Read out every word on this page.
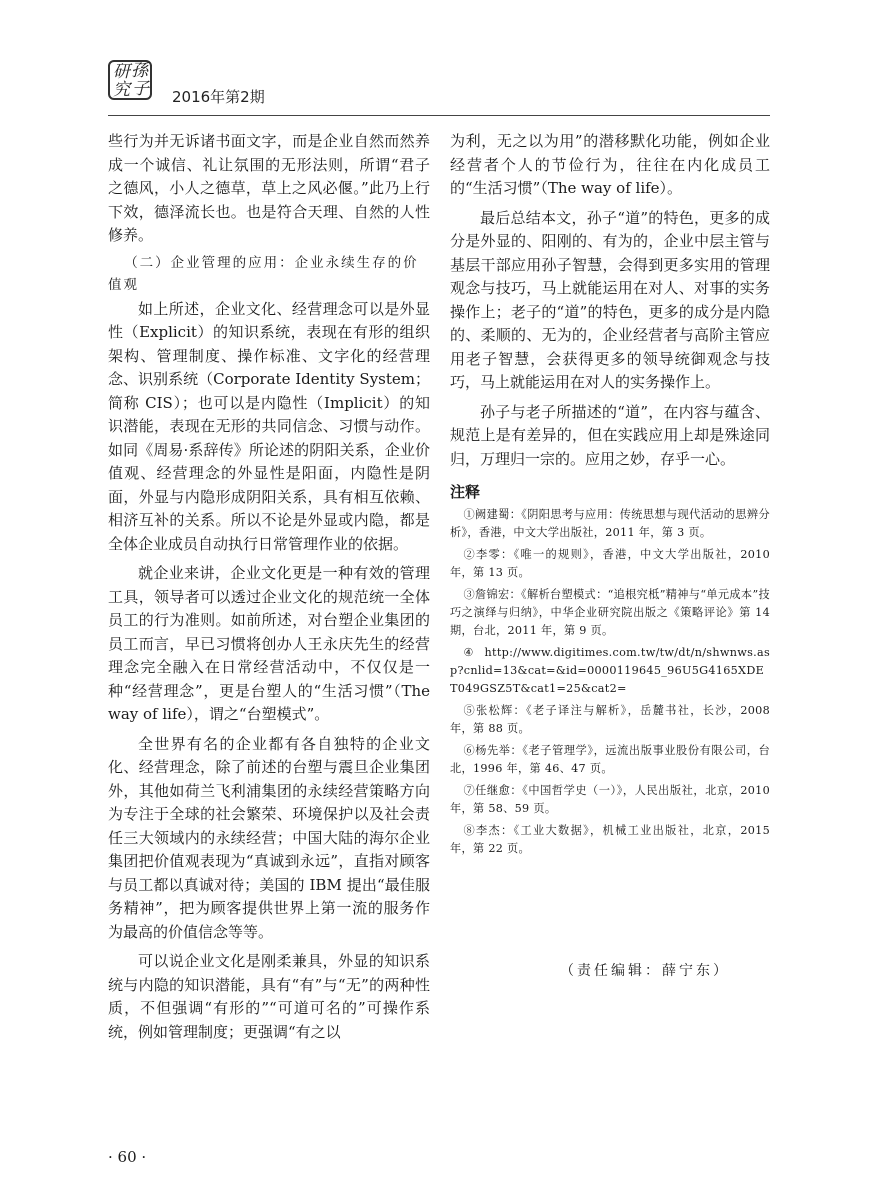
研 孫
究 子 2016年第2期

些行为并无诉诸书面文字，而是企业自然而然养成一个诚信、礼让氛围的无形法则，所谓“君子之德风，小人之德草，草上之风必偃。”此乃上行下效，德泽流长也。也是符合天理、自然的人性修养。

（二）企业管理的应用：企业永续生存的价值观

如上所述，企业文化、经营理念可以是外显性（Explicit）的知识系统，表现在有形的组织架构、管理制度、操作标准、文字化的经营理念、识别系统（Corporate Identity System；简称 CIS）；也可以是内隐性（Implicit）的知识潜能，表现在无形的共同信念、习惯与动作。如同《周易·系辞传》所论述的阴阳关系，企业价值观、经营理念的外显性是阳面，内隐性是阴面，外显与内隐形成阴阳关系，具有相互依赖、相济互补的关系。所以不论是外显或内隐，都是全体企业成员自动执行日常管理作业的依据。

就企业来讲，企业文化更是一种有效的管理工具，领导者可以透过企业文化的规范统一全体员工的行为准则。如前所述，对台塑企业集团的员工而言，早已习惯将创办人王永庆先生的经营理念完全融入在日常经营活动中，不仅仅是一种“经营理念”，更是台塑人的“生活习惯”（The way of life），谓之“台塑模式”。

全世界有名的企业都有各自独特的企业文化、经营理念，除了前述的台塑与震旦企业集团外，其他如荷兰飞利浦集团的永续经营策略方向为专注于全球的社会繁荣、环境保护以及社会责任三大领域内的永续经营；中国大陆的海尔企业集团把价值观表现为“真诚到永远”，直指对顾客与员工都以真诚对待；美国的 IBM 提出“最佳服务精神”，把为顾客提供世界上第一流的服务作为最高的价值信念等等。

可以说企业文化是刚柔兼具，外显的知识系统与内隐的知识潜能，具有“有”与“无”的两种性质，不但强调“有形的”“可道可名的”可操作系统，例如管理制度；更强调“有之以

为利，无之以为用”的潜移默化功能，例如企业经营者个人的节俭行为，往往在内化成员工的“生活习惯”（The way of life）。

最后总结本文，孙子“道”的特色，更多的成分是外显的、阳刚的、有为的，企业中层主管与基层干部应用孙子智慧，会得到更多实用的管理观念与技巧，马上就能运用在对人、对事的实务操作上；老子的“道”的特色，更多的成分是内隐的、柔顺的、无为的，企业经营者与高阶主管应用老子智慧，会获得更多的领导统御观念与技巧，马上就能运用在对人的实务操作上。

孙子与老子所描述的“道”，在内容与蕴含、规范上是有差异的，但在实践应用上却是殊途同归，万理归一宗的。应用之妙，存乎一心。

注释

①阙建蜀：《阴阳思考与应用：传统思想与现代活动的思辨分析》，香港，中文大学出版社，2011 年，第 3 页。

②李零：《唯一的规则》，香港，中文大学出版社，2010 年，第 13 页。

③詹锦宏：《解析台塑模式：“追根究柢”精神与“单元成本”技巧之演绎与归纳》，中华企业研究院出版之《策略评论》第 14 期，台北，2011 年，第 9 页。

④ http://www.digitimes.com.tw/tw/dt/n/shwnws.asp?cnlid=13&cat=&id=0000119645_96U5G4165XDET049GSZ5T&cat1=25&cat2=

⑤张松辉：《老子译注与解析》，岳麓书社，长沙，2008 年，第 88 页。

⑥杨先举：《老子管理学》，远流出版事业股份有限公司，台北，1996 年，第 46、47 页。

⑦任继愈：《中国哲学史（一）》，人民出版社，北京，2010 年，第 58、59 页。

⑧李杰：《工业大数据》，机械工业出版社，北京，2015 年，第 22 页。

（责任编辑：薛宁东）
· 60 ·
